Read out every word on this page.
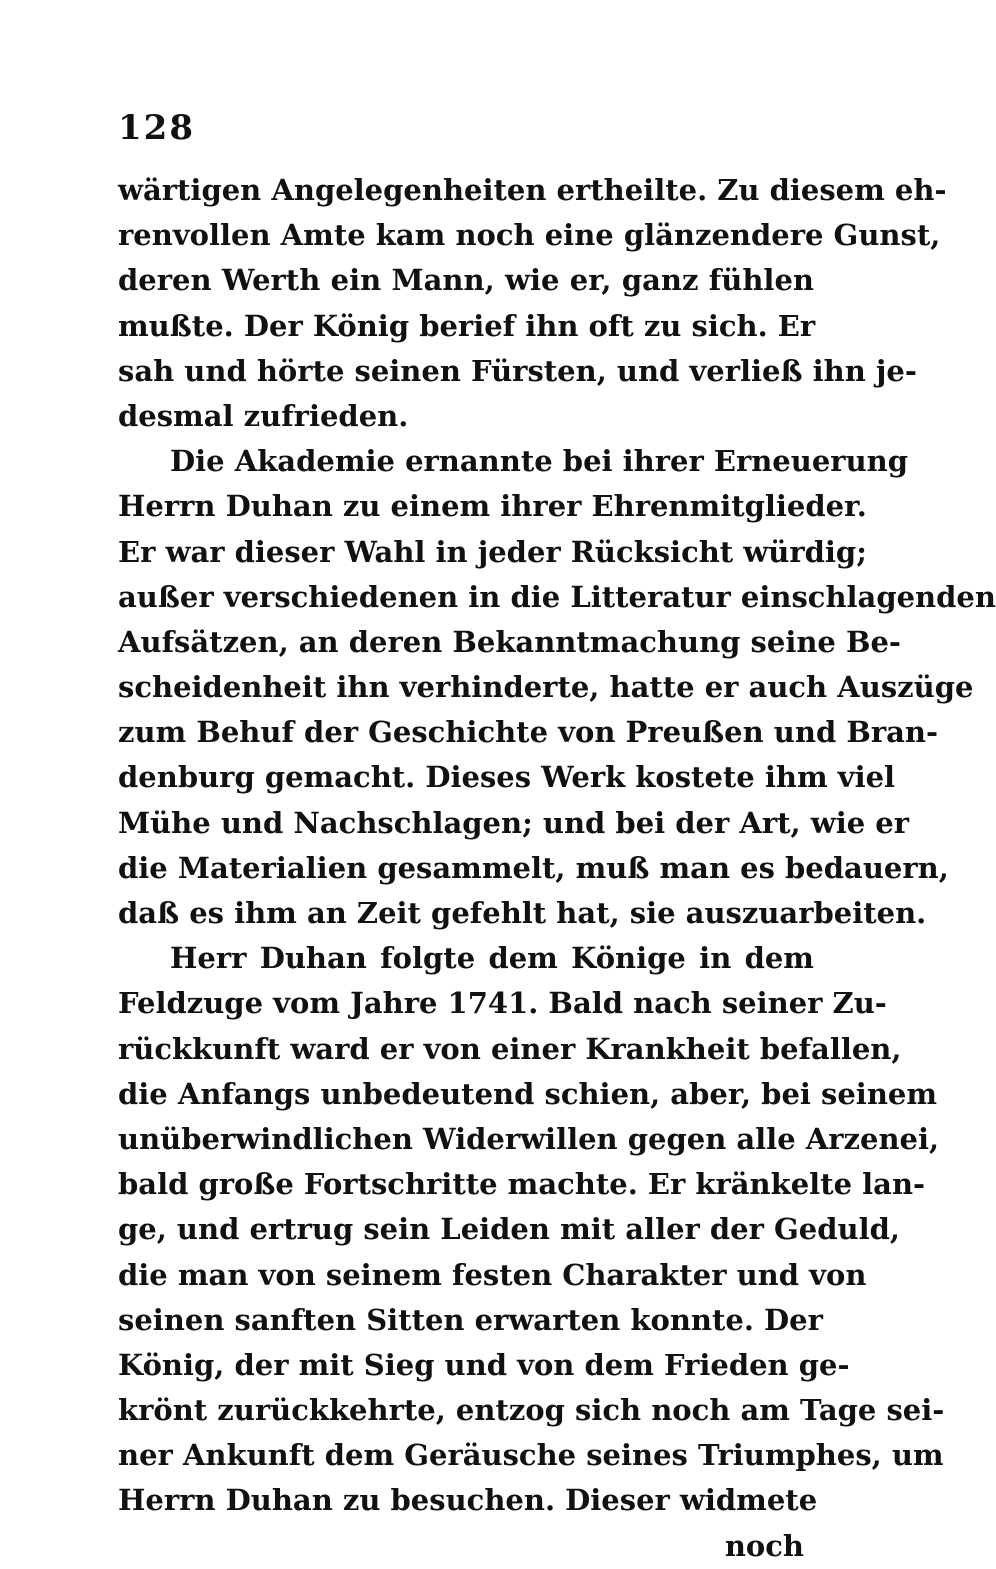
128
wärtigen Angelegenheiten ertheilte. Zu diesem eh-
renvollen Amte kam noch eine glänzendere Gunst,
deren Werth ein Mann, wie er, ganz fühlen
mußte. Der König berief ihn oft zu sich. Er
sah und hörte seinen Fürsten, und verließ ihn je-
desmal zufrieden.
Die Akademie ernannte bei ihrer Erneuerung
Herrn Duhan zu einem ihrer Ehrenmitglieder.
Er war dieser Wahl in jeder Rücksicht würdig;
außer verschiedenen in die Litteratur einschlagenden
Aufsätzen, an deren Bekanntmachung seine Be-
scheidenheit ihn verhinderte, hatte er auch Auszüge
zum Behuf der Geschichte von Preußen und Bran-
denburg gemacht. Dieses Werk kostete ihm viel
Mühe und Nachschlagen; und bei der Art, wie er
die Materialien gesammelt, muß man es bedauern,
daß es ihm an Zeit gefehlt hat, sie auszuarbeiten.
Herr Duhan folgte dem Könige in dem
Feldzuge vom Jahre 1741. Bald nach seiner Zu-
rückkunft ward er von einer Krankheit befallen,
die Anfangs unbedeutend schien, aber, bei seinem
unüberwindlichen Widerwillen gegen alle Arzenei,
bald große Fortschritte machte. Er kränkelte lan-
ge, und ertrug sein Leiden mit aller der Geduld,
die man von seinem festen Charakter und von
seinen sanften Sitten erwarten konnte. Der
König, der mit Sieg und von dem Frieden ge-
krönt zurückkehrte, entzog sich noch am Tage sei-
ner Ankunft dem Geräusche seines Triumphes, um
Herrn Duhan zu besuchen. Dieser widmete
noch
